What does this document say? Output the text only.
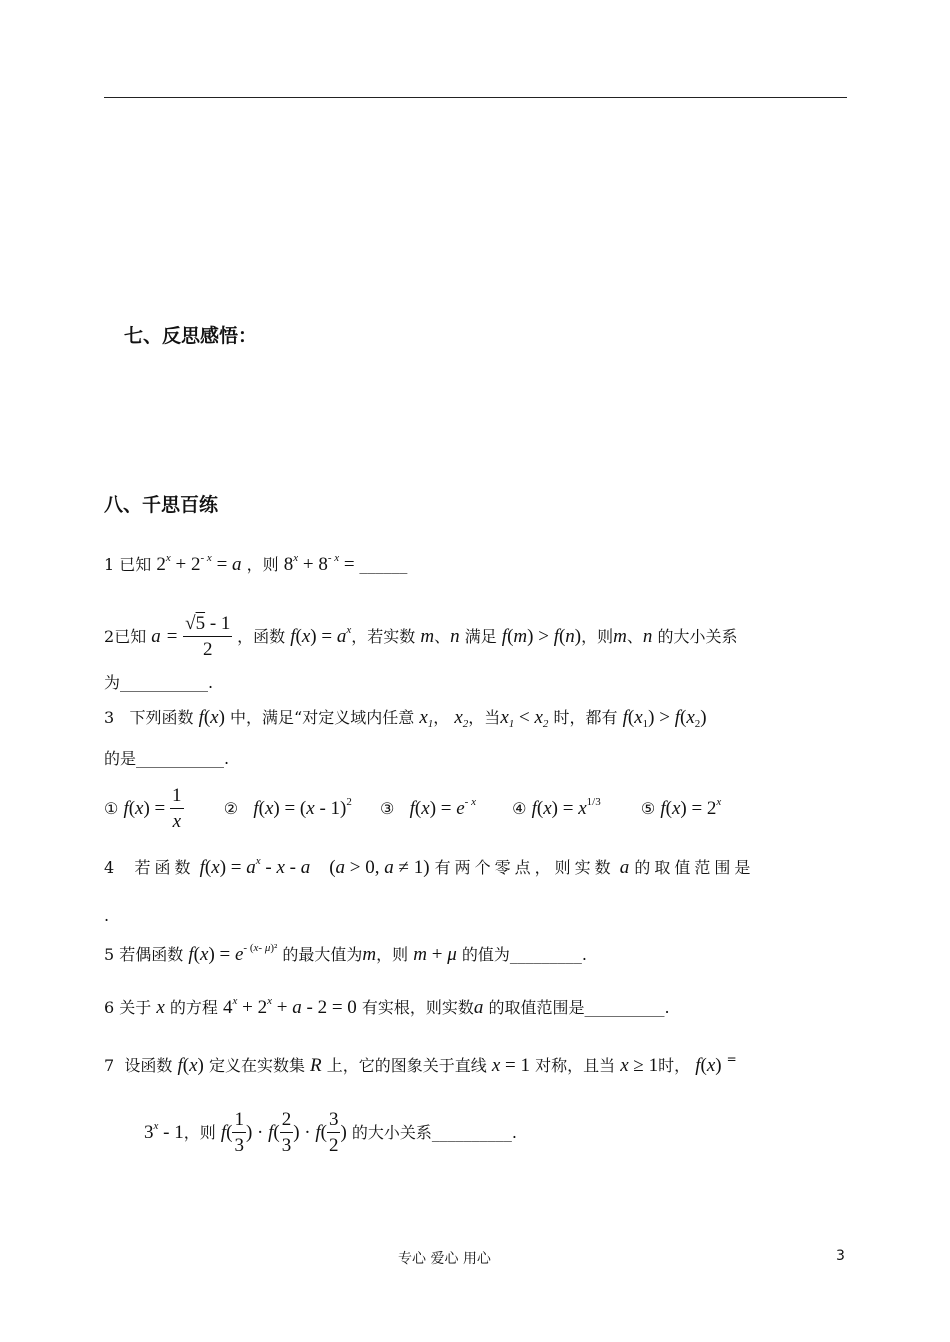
七、反思感悟：
八、千思百练
1 已知 $2^x + 2^{- x} = a$ ，则 $8^x + 8^{- x}$ = ______
2已知 $a = \frac{√5 - 1}{2}$ ，函数 $f(x) = a^x$，若实数 m、n 满足 f(m) > f(n)，则m、n 的大小关系
为___________.
3 下列函数 f(x) 中，满足“对定义域内任意 $x_1$， $x_2$，当$x_1 < x_2$ 时，都有 $f(x_1) > f(x_2)$
的是___________.
① $f(x) = \frac{1}{x}$	② f(x) = (x - 1)$^2$ ③ $f(x) = e^{- x}$ ④ $f(x) = x^{1/3}$	⑤ $f(x) = 2^x$
4 若函数 $f(x) = a^x - x - a$    (a > 0, a ≠ 1) 有两个零点，则实数 a 的取值范围是
.
5 若偶函数 $f(x) = e^{- (x- \mu)^2}$ 的最大值为m，则 m + μ 的值为_________.
6 关于 x 的方程 $4^x + 2^x + a - 2 = 0$ 有实根，则实数a 的取值范围是__________.
7 设函数 f(x) 定义在实数集 R 上，它的图象关于直线 x = 1 对称，且当 x ≥ 1时， f(x) =
3$^x$ - 1，则 $f( \frac{1}{3}$ ) · $f( \frac{2}{3}$ ) · $f( \frac{3}{2}$ ) 的大小关系__________.
专心 爱心 用心	3
